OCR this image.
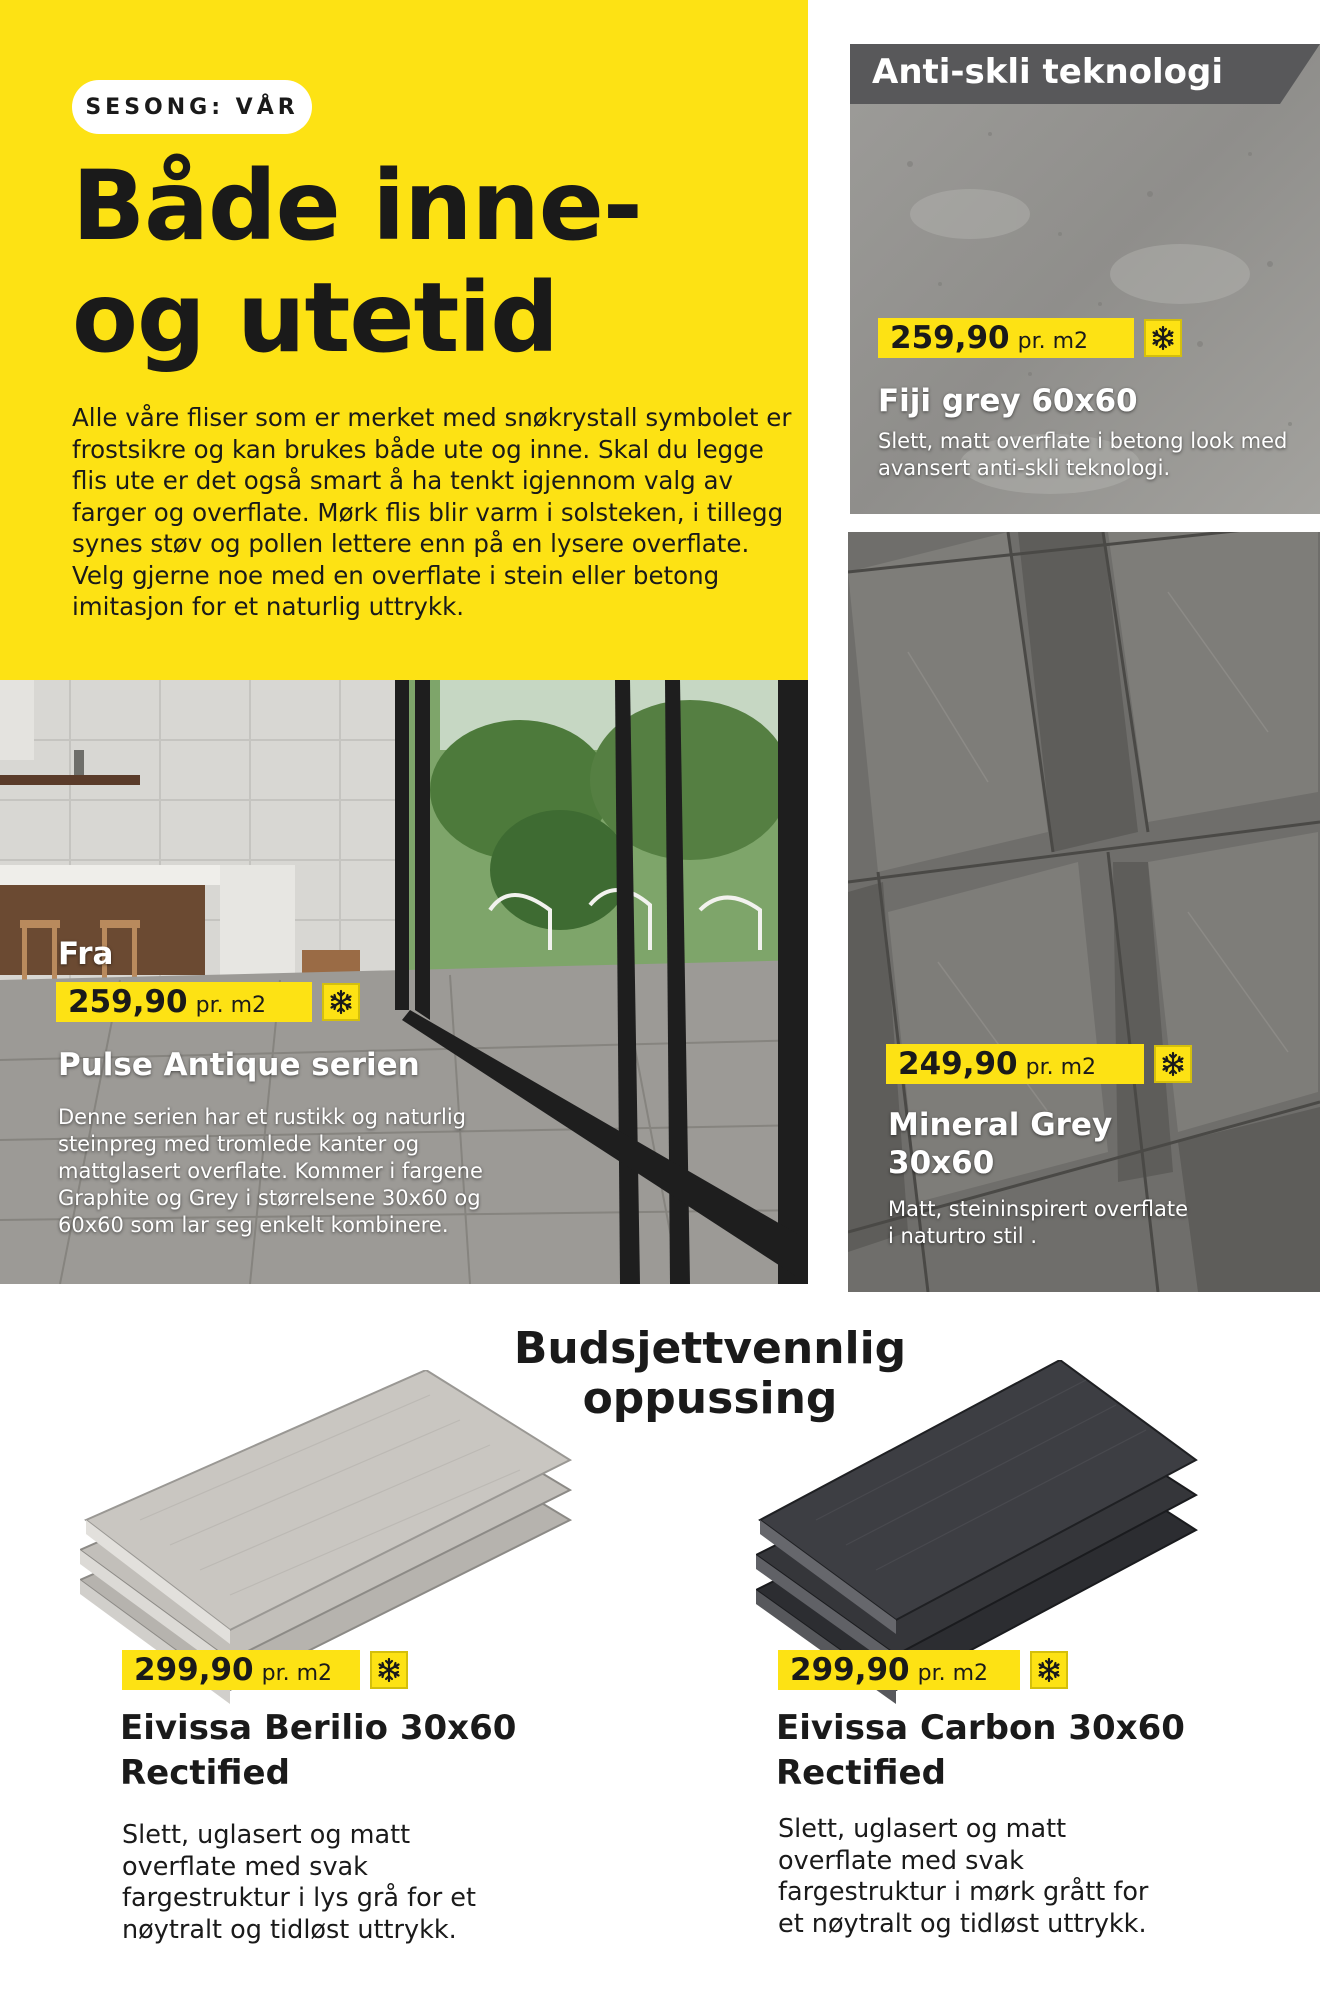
SESONG: VÅR
Både inne-
og utetid

Alle våre fliser som er merket med snøkrystall symbolet er frostsikre og kan brukes både ute og inne. Skal du legge flis ute er det også smart å ha tenkt igjennom valg av farger og overflate. Mørk flis blir varm i solsteken, i tillegg synes støv og pollen lettere enn på en lysere overflate. Velg gjerne noe med en overflate i stein eller betong imitasjon for et naturlig uttrykk.

Anti-skli teknologi
259,90 pr. m2
Fiji grey 60x60
Slett, matt overflate i betong look med avansert anti-skli teknologi.
Fra
259,90 pr. m2
Pulse Antique serien
Denne serien har et rustikk og naturlig steinpreg med tromlede kanter og mattglasert overflate. Kommer i fargene Graphite og Grey i størrelsene 30x60 og 60x60 som lar seg enkelt kombinere.
249,90 pr. m2
Mineral Grey
30x60
Matt, steininspirert overflate i naturtro stil .
Budsjettvennlig
oppussing
299,90 pr. m2
Eivissa Berilio 30x60
Rectified
Slett, uglasert og matt overflate med svak fargestruktur i lys grå for et nøytralt og tidløst uttrykk.
299,90 pr. m2
Eivissa Carbon 30x60
Rectified
Slett, uglasert og matt overflate med svak fargestruktur i mørk grått for et nøytralt og tidløst uttrykk.
